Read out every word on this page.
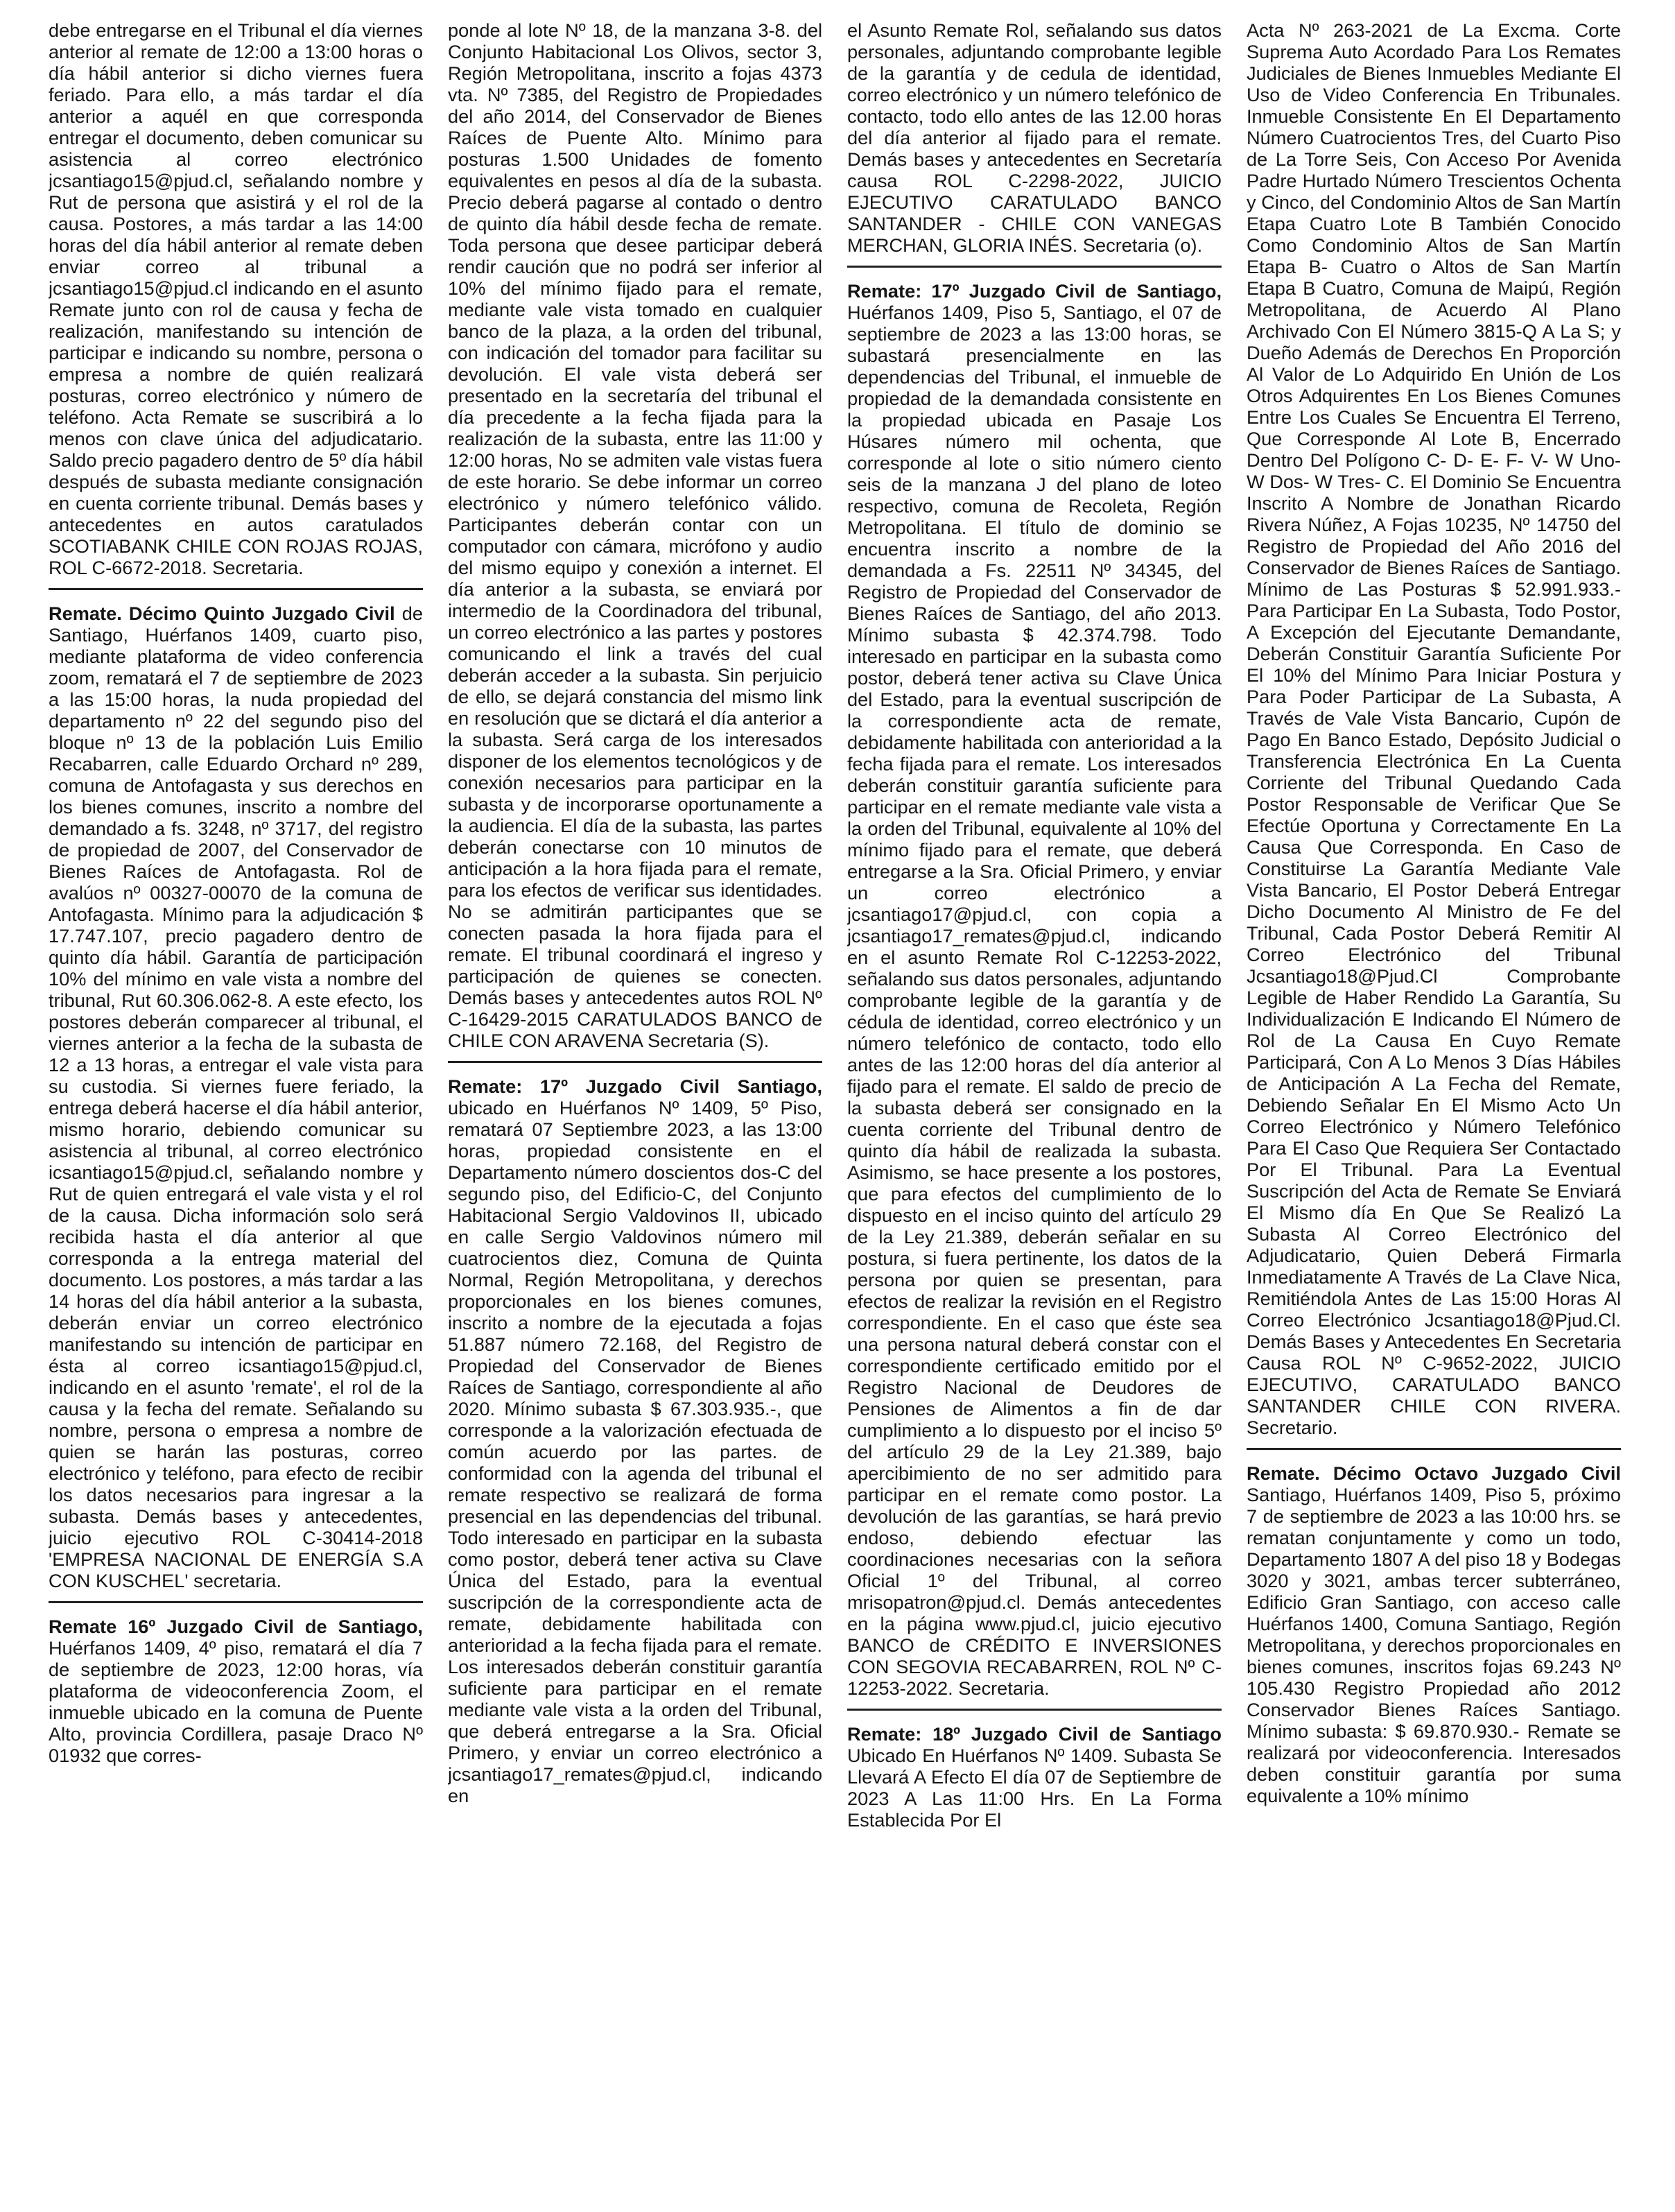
debe entregarse en el Tribunal el día viernes anterior al remate de 12:00 a 13:00 horas o día hábil anterior si dicho viernes fuera feriado. Para ello, a más tardar el día anterior a aquél en que corresponda entregar el documento, deben comunicar su asistencia al correo electrónico jcsantiago15@pjud.cl, señalando nombre y Rut de persona que asistirá y el rol de la causa. Postores, a más tardar a las 14:00 horas del día hábil anterior al remate deben enviar correo al tribunal a jcsantiago15@pjud.cl indicando en el asunto Remate junto con rol de causa y fecha de realización, manifestando su intención de participar e indicando su nombre, persona o empresa a nombre de quién realizará posturas, correo electrónico y número de teléfono. Acta Remate se suscribirá a lo menos con clave única del adjudicatario. Saldo precio pagadero dentro de 5º día hábil después de subasta mediante consignación en cuenta corriente tribunal. Demás bases y antecedentes en autos caratulados SCOTIABANK CHILE CON ROJAS ROJAS, ROL C-6672-2018. Secretaria.

Remate. Décimo Quinto Juzgado Civil de Santiago, Huérfanos 1409, cuarto piso, mediante plataforma de video conferencia zoom, rematará el 7 de septiembre de 2023 a las 15:00 horas, la nuda propiedad del departamento nº 22 del segundo piso del bloque nº 13 de la población Luis Emilio Recabarren, calle Eduardo Orchard nº 289, comuna de Antofagasta y sus derechos en los bienes comunes, inscrito a nombre del demandado a fs. 3248, nº 3717, del registro de propiedad de 2007, del Conservador de Bienes Raíces de Antofagasta. Rol de avalúos nº 00327-00070 de la comuna de Antofagasta. Mínimo para la adjudicación $ 17.747.107, precio pagadero dentro de quinto día hábil. Garantía de participación 10% del mínimo en vale vista a nombre del tribunal, Rut 60.306.062-8. A este efecto, los postores deberán comparecer al tribunal, el viernes anterior a la fecha de la subasta de 12 a 13 horas, a entregar el vale vista para su custodia. Si viernes fuere feriado, la entrega deberá hacerse el día hábil anterior, mismo horario, debiendo comunicar su asistencia al tribunal, al correo electrónico icsantiago15@pjud.cl, señalando nombre y Rut de quien entregará el vale vista y el rol de la causa. Dicha información solo será recibida hasta el día anterior al que corresponda a la entrega material del documento. Los postores, a más tardar a las 14 horas del día hábil anterior a la subasta, deberán enviar un correo electrónico manifestando su intención de participar en ésta al correo icsantiago15@pjud.cl, indicando en el asunto 'remate', el rol de la causa y la fecha del remate. Señalando su nombre, persona o empresa a nombre de quien se harán las posturas, correo electrónico y teléfono, para efecto de recibir los datos necesarios para ingresar a la subasta. Demás bases y antecedentes, juicio ejecutivo ROL C-30414-2018 'EMPRESA NACIONAL DE ENERGÍA S.A CON KUSCHEL' secretaria.

Remate 16º Juzgado Civil de Santiago, Huérfanos 1409, 4º piso, rematará el día 7 de septiembre de 2023, 12:00 horas, vía plataforma de videoconferencia Zoom, el inmueble ubicado en la comuna de Puente Alto, provincia Cordillera, pasaje Draco Nº 01932 que corres-

ponde al lote Nº 18, de la manzana 3-8. del Conjunto Habitacional Los Olivos, sector 3, Región Metropolitana, inscrito a fojas 4373 vta. Nº 7385, del Registro de Propiedades del año 2014, del Conservador de Bienes Raíces de Puente Alto. Mínimo para posturas 1.500 Unidades de fomento equivalentes en pesos al día de la subasta. Precio deberá pagarse al contado o dentro de quinto día hábil desde fecha de remate. Toda persona que desee participar deberá rendir caución que no podrá ser inferior al 10% del mínimo fijado para el remate, mediante vale vista tomado en cualquier banco de la plaza, a la orden del tribunal, con indicación del tomador para facilitar su devolución. El vale vista deberá ser presentado en la secretaría del tribunal el día precedente a la fecha fijada para la realización de la subasta, entre las 11:00 y 12:00 horas, No se admiten vale vistas fuera de este horario. Se debe informar un correo electrónico y número telefónico válido. Participantes deberán contar con un computador con cámara, micrófono y audio del mismo equipo y conexión a internet. El día anterior a la subasta, se enviará por intermedio de la Coordinadora del tribunal, un correo electrónico a las partes y postores comunicando el link a través del cual deberán acceder a la subasta. Sin perjuicio de ello, se dejará constancia del mismo link en resolución que se dictará el día anterior a la subasta. Será carga de los interesados disponer de los elementos tecnológicos y de conexión necesarios para participar en la subasta y de incorporarse oportunamente a la audiencia. El día de la subasta, las partes deberán conectarse con 10 minutos de anticipación a la hora fijada para el remate, para los efectos de verificar sus identidades. No se admitirán participantes que se conecten pasada la hora fijada para el remate. El tribunal coordinará el ingreso y participación de quienes se conecten. Demás bases y antecedentes autos ROL Nº C-16429-2015 CARATULADOS BANCO de CHILE CON ARAVENA Secretaria (S).

Remate: 17º Juzgado Civil Santiago, ubicado en Huérfanos Nº 1409, 5º Piso, rematará 07 Septiembre 2023, a las 13:00 horas, propiedad consistente en el Departamento número doscientos dos-C del segundo piso, del Edificio-C, del Conjunto Habitacional Sergio Valdovinos II, ubicado en calle Sergio Valdovinos número mil cuatrocientos diez, Comuna de Quinta Normal, Región Metropolitana, y derechos proporcionales en los bienes comunes, inscrito a nombre de la ejecutada a fojas 51.887 número 72.168, del Registro de Propiedad del Conservador de Bienes Raíces de Santiago, correspondiente al año 2020. Mínimo subasta $ 67.303.935.-, que corresponde a la valorización efectuada de común acuerdo por las partes. de conformidad con la agenda del tribunal el remate respectivo se realizará de forma presencial en las dependencias del tribunal. Todo interesado en participar en la subasta como postor, deberá tener activa su Clave Única del Estado, para la eventual suscripción de la correspondiente acta de remate, debidamente habilitada con anterioridad a la fecha fijada para el remate. Los interesados deberán constituir garantía suficiente para participar en el remate mediante vale vista a la orden del Tribunal, que deberá entregarse a la Sra. Oficial Primero, y enviar un correo electrónico a jcsantiago17_remates@pjud.cl, indicando en

el Asunto Remate Rol, señalando sus datos personales, adjuntando comprobante legible de la garantía y de cedula de identidad, correo electrónico y un número telefónico de contacto, todo ello antes de las 12.00 horas del día anterior al fijado para el remate. Demás bases y antecedentes en Secretaría causa ROL C-2298-2022, JUICIO EJECUTIVO CARATULADO BANCO SANTANDER - CHILE CON VANEGAS MERCHAN, GLORIA INÉS. Secretaria (o).

Remate: 17º Juzgado Civil de Santiago, Huérfanos 1409, Piso 5, Santiago, el 07 de septiembre de 2023 a las 13:00 horas, se subastará presencialmente en las dependencias del Tribunal, el inmueble de propiedad de la demandada consistente en la propiedad ubicada en Pasaje Los Húsares número mil ochenta, que corresponde al lote o sitio número ciento seis de la manzana J del plano de loteo respectivo, comuna de Recoleta, Región Metropolitana. El título de dominio se encuentra inscrito a nombre de la demandada a Fs. 22511 Nº 34345, del Registro de Propiedad del Conservador de Bienes Raíces de Santiago, del año 2013. Mínimo subasta $ 42.374.798. Todo interesado en participar en la subasta como postor, deberá tener activa su Clave Única del Estado, para la eventual suscripción de la correspondiente acta de remate, debidamente habilitada con anterioridad a la fecha fijada para el remate. Los interesados deberán constituir garantía suficiente para participar en el remate mediante vale vista a la orden del Tribunal, equivalente al 10% del mínimo fijado para el remate, que deberá entregarse a la Sra. Oficial Primero, y enviar un correo electrónico a jcsantiago17@pjud.cl, con copia a jcsantiago17_remates@pjud.cl, indicando en el asunto Remate Rol C-12253-2022, señalando sus datos personales, adjuntando comprobante legible de la garantía y de cédula de identidad, correo electrónico y un número telefónico de contacto, todo ello antes de las 12:00 horas del día anterior al fijado para el remate. El saldo de precio de la subasta deberá ser consignado en la cuenta corriente del Tribunal dentro de quinto día hábil de realizada la subasta. Asimismo, se hace presente a los postores, que para efectos del cumplimiento de lo dispuesto en el inciso quinto del artículo 29 de la Ley 21.389, deberán señalar en su postura, si fuera pertinente, los datos de la persona por quien se presentan, para efectos de realizar la revisión en el Registro correspondiente. En el caso que éste sea una persona natural deberá constar con el correspondiente certificado emitido por el Registro Nacional de Deudores de Pensiones de Alimentos a fin de dar cumplimiento a lo dispuesto por el inciso 5º del artículo 29 de la Ley 21.389, bajo apercibimiento de no ser admitido para participar en el remate como postor. La devolución de las garantías, se hará previo endoso, debiendo efectuar las coordinaciones necesarias con la señora Oficial 1º del Tribunal, al correo mrisopatron@pjud.cl. Demás antecedentes en la página www.pjud.cl, juicio ejecutivo BANCO de CRÉDITO E INVERSIONES CON SEGOVIA RECABARREN, ROL Nº C-12253-2022. Secretaria.

Remate: 18º Juzgado Civil de Santiago Ubicado En Huérfanos Nº 1409. Subasta Se Llevará A Efecto El día 07 de Septiembre de 2023 A Las 11:00 Hrs. En La Forma Establecida Por El

Acta Nº 263-2021 de La Excma. Corte Suprema Auto Acordado Para Los Remates Judiciales de Bienes Inmuebles Mediante El Uso de Video Conferencia En Tribunales. Inmueble Consistente En El Departamento Número Cuatrocientos Tres, del Cuarto Piso de La Torre Seis, Con Acceso Por Avenida Padre Hurtado Número Trescientos Ochenta y Cinco, del Condominio Altos de San Martín Etapa Cuatro Lote B También Conocido Como Condominio Altos de San Martín Etapa B- Cuatro o Altos de San Martín Etapa B Cuatro, Comuna de Maipú, Región Metropolitana, de Acuerdo Al Plano Archivado Con El Número 3815-Q A La S; y Dueño Además de Derechos En Proporción Al Valor de Lo Adquirido En Unión de Los Otros Adquirentes En Los Bienes Comunes Entre Los Cuales Se Encuentra El Terreno, Que Corresponde Al Lote B, Encerrado Dentro Del Polígono C- D- E- F- V- W Uno- W Dos- W Tres- C. El Dominio Se Encuentra Inscrito A Nombre de Jonathan Ricardo Rivera Núñez, A Fojas 10235, Nº 14750 del Registro de Propiedad del Año 2016 del Conservador de Bienes Raíces de Santiago. Mínimo de Las Posturas $ 52.991.933.- Para Participar En La Subasta, Todo Postor, A Excepción del Ejecutante Demandante, Deberán Constituir Garantía Suficiente Por El 10% del Mínimo Para Iniciar Postura y Para Poder Participar de La Subasta, A Través de Vale Vista Bancario, Cupón de Pago En Banco Estado, Depósito Judicial o Transferencia Electrónica En La Cuenta Corriente del Tribunal Quedando Cada Postor Responsable de Verificar Que Se Efectúe Oportuna y Correctamente En La Causa Que Corresponda. En Caso de Constituirse La Garantía Mediante Vale Vista Bancario, El Postor Deberá Entregar Dicho Documento Al Ministro de Fe del Tribunal, Cada Postor Deberá Remitir Al Correo Electrónico del Tribunal Jcsantiago18@Pjud.Cl Comprobante Legible de Haber Rendido La Garantía, Su Individualización E Indicando El Número de Rol de La Causa En Cuyo Remate Participará, Con A Lo Menos 3 Días Hábiles de Anticipación A La Fecha del Remate, Debiendo Señalar En El Mismo Acto Un Correo Electrónico y Número Telefónico Para El Caso Que Requiera Ser Contactado Por El Tribunal. Para La Eventual Suscripción del Acta de Remate Se Enviará El Mismo día En Que Se Realizó La Subasta Al Correo Electrónico del Adjudicatario, Quien Deberá Firmarla Inmediatamente A Través de La Clave Nica, Remitiéndola Antes de Las 15:00 Horas Al Correo Electrónico Jcsantiago18@Pjud.Cl. Demás Bases y Antecedentes En Secretaria Causa ROL Nº C-9652-2022, JUICIO EJECUTIVO, CARATULADO BANCO SANTANDER CHILE CON RIVERA. Secretario.

Remate. Décimo Octavo Juzgado Civil Santiago, Huérfanos 1409, Piso 5, próximo 7 de septiembre de 2023 a las 10:00 hrs. se rematan conjuntamente y como un todo, Departamento 1807 A del piso 18 y Bodegas 3020 y 3021, ambas tercer subterráneo, Edificio Gran Santiago, con acceso calle Huérfanos 1400, Comuna Santiago, Región Metropolitana, y derechos proporcionales en bienes comunes, inscritos fojas 69.243 Nº 105.430 Registro Propiedad año 2012 Conservador Bienes Raíces Santiago. Mínimo subasta: $ 69.870.930.- Remate se realizará por videoconferencia. Interesados deben constituir garantía por suma equivalente a 10% mínimo
